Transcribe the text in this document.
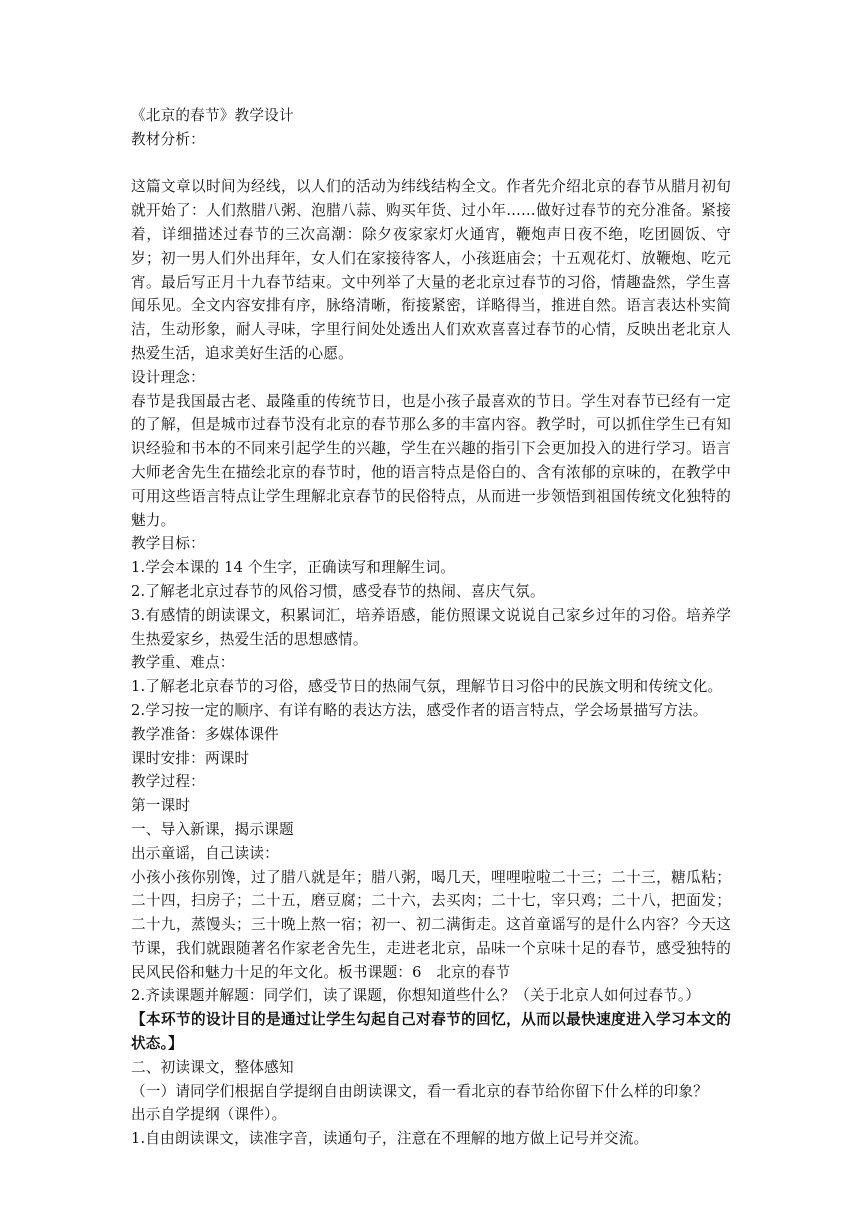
《北京的春节》教学设计

教材分析：

这篇文章以时间为经线，以人们的活动为纬线结构全文。作者先介绍北京的春节从腊月初旬就开始了：人们熬腊八粥、泡腊八蒜、购买年货、过小年……做好过春节的充分准备。紧接着，详细描述过春节的三次高潮：除夕夜家家灯火通宵，鞭炮声日夜不绝，吃团圆饭、守岁；初一男人们外出拜年，女人们在家接待客人，小孩逛庙会；十五观花灯、放鞭炮、吃元宵。最后写正月十九春节结束。文中列举了大量的老北京过春节的习俗，情趣盎然，学生喜闻乐见。全文内容安排有序，脉络清晰，衔接紧密，详略得当，推进自然。语言表达朴实简洁，生动形象，耐人寻味，字里行间处处透出人们欢欢喜喜过春节的心情，反映出老北京人热爱生活，追求美好生活的心愿。

设计理念：

春节是我国最古老、最隆重的传统节日，也是小孩子最喜欢的节日。学生对春节已经有一定的了解，但是城市过春节没有北京的春节那么多的丰富内容。教学时，可以抓住学生已有知识经验和书本的不同来引起学生的兴趣，学生在兴趣的指引下会更加投入的进行学习。语言大师老舍先生在描绘北京的春节时，他的语言特点是俗白的、含有浓郁的京味的，在教学中可用这些语言特点让学生理解北京春节的民俗特点，从而进一步领悟到祖国传统文化独特的魅力。

教学目标：

1.学会本课的 14 个生字，正确读写和理解生词。

2.了解老北京过春节的风俗习惯，感受春节的热闹、喜庆气氛。

3.有感情的朗读课文，积累词汇，培养语感，能仿照课文说说自己家乡过年的习俗。培养学生热爱家乡，热爱生活的思想感情。

教学重、难点：

1.了解老北京春节的习俗，感受节日的热闹气氛，理解节日习俗中的民族文明和传统文化。

2.学习按一定的顺序、有详有略的表达方法，感受作者的语言特点，学会场景描写方法。

教学准备：多媒体课件

课时安排：两课时

教学过程：

第一课时

一、导入新课，揭示课题

出示童谣，自己读读：

小孩小孩你别馋，过了腊八就是年；腊八粥，喝几天，哩哩啦啦二十三；二十三，糖瓜粘；二十四，扫房子；二十五，磨豆腐；二十六，去买肉；二十七，宰只鸡；二十八，把面发；二十九，蒸馒头；三十晚上熬一宿；初一、初二满街走。这首童谣写的是什么内容？今天这节课，我们就跟随著名作家老舍先生，走进老北京，品味一个京味十足的春节，感受独特的民风民俗和魅力十足的年文化。板书课题：6　北京的春节

2.齐读课题并解题：同学们，读了课题，你想知道些什么？（关于北京人如何过春节。）

【本环节的设计目的是通过让学生勾起自己对春节的回忆，从而以最快速度进入学习本文的状态。】

二、初读课文，整体感知

（一）请同学们根据自学提纲自由朗读课文，看一看北京的春节给你留下什么样的印象？

出示自学提纲（课件）。

1.自由朗读课文，读准字音，读通句子，注意在不理解的地方做上记号并交流。
